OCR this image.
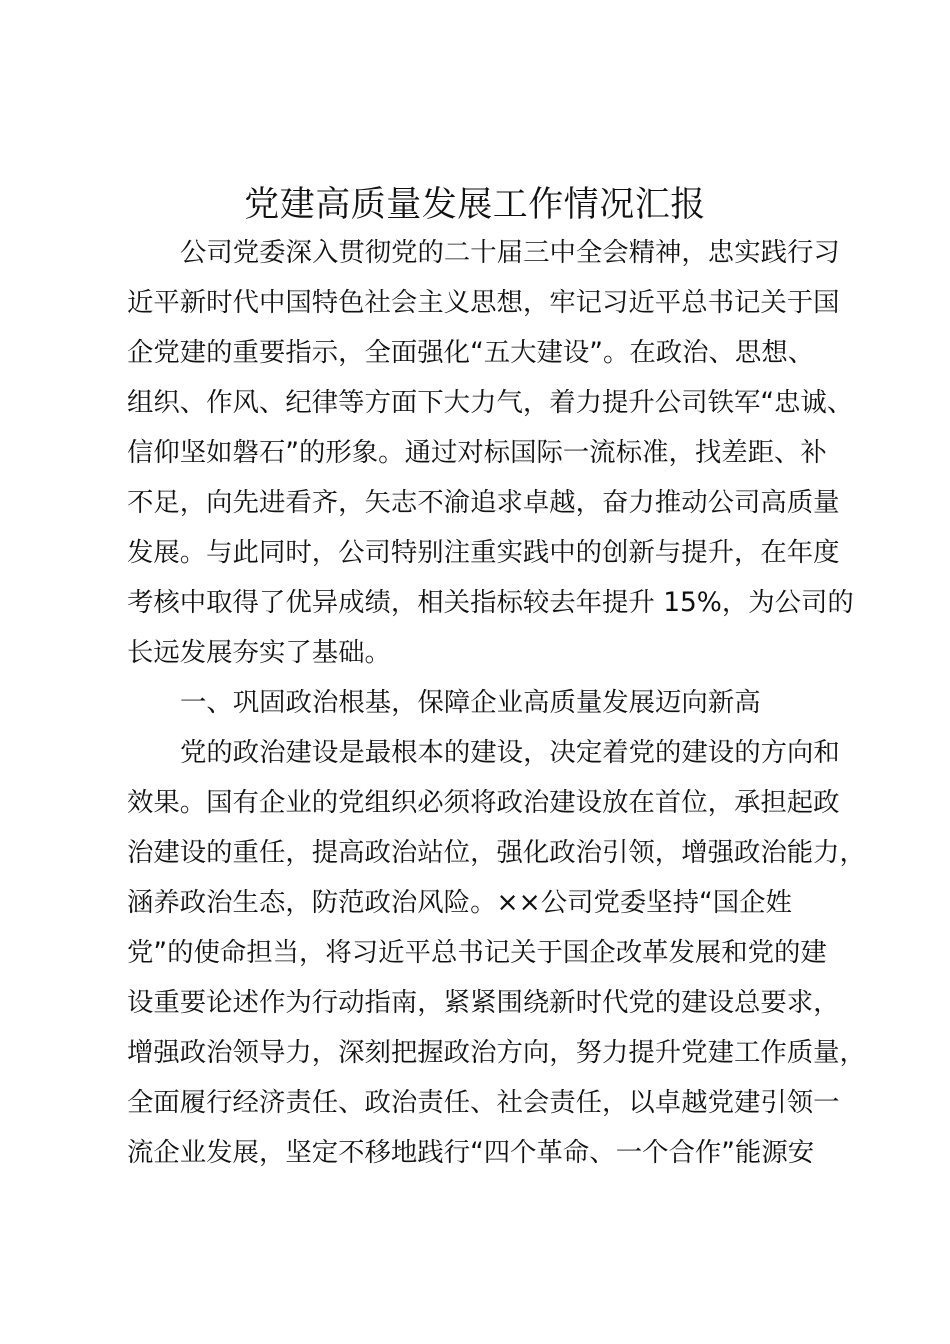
党建高质量发展工作情况汇报
公司党委深入贯彻党的二十届三中全会精神，忠实践行习
近平新时代中国特色社会主义思想，牢记习近平总书记关于国
企党建的重要指示，全面强化“五大建设”。在政治、思想、
组织、作风、纪律等方面下大力气，着力提升公司铁军“忠诚、
信仰坚如磐石”的形象。通过对标国际一流标准，找差距、补
不足，向先进看齐，矢志不渝追求卓越，奋力推动公司高质量
发展。与此同时，公司特别注重实践中的创新与提升，在年度
考核中取得了优异成绩，相关指标较去年提升 15%，为公司的
长远发展夯实了基础。
一、巩固政治根基，保障企业高质量发展迈向新高
党的政治建设是最根本的建设，决定着党的建设的方向和
效果。国有企业的党组织必须将政治建设放在首位，承担起政
治建设的重任，提高政治站位，强化政治引领，增强政治能力，
涵养政治生态，防范政治风险。××公司党委坚持“国企姓
党”的使命担当，将习近平总书记关于国企改革发展和党的建
设重要论述作为行动指南，紧紧围绕新时代党的建设总要求，
增强政治领导力，深刻把握政治方向，努力提升党建工作质量，
全面履行经济责任、政治责任、社会责任，以卓越党建引领一
流企业发展，坚定不移地践行“四个革命、一个合作”能源安
